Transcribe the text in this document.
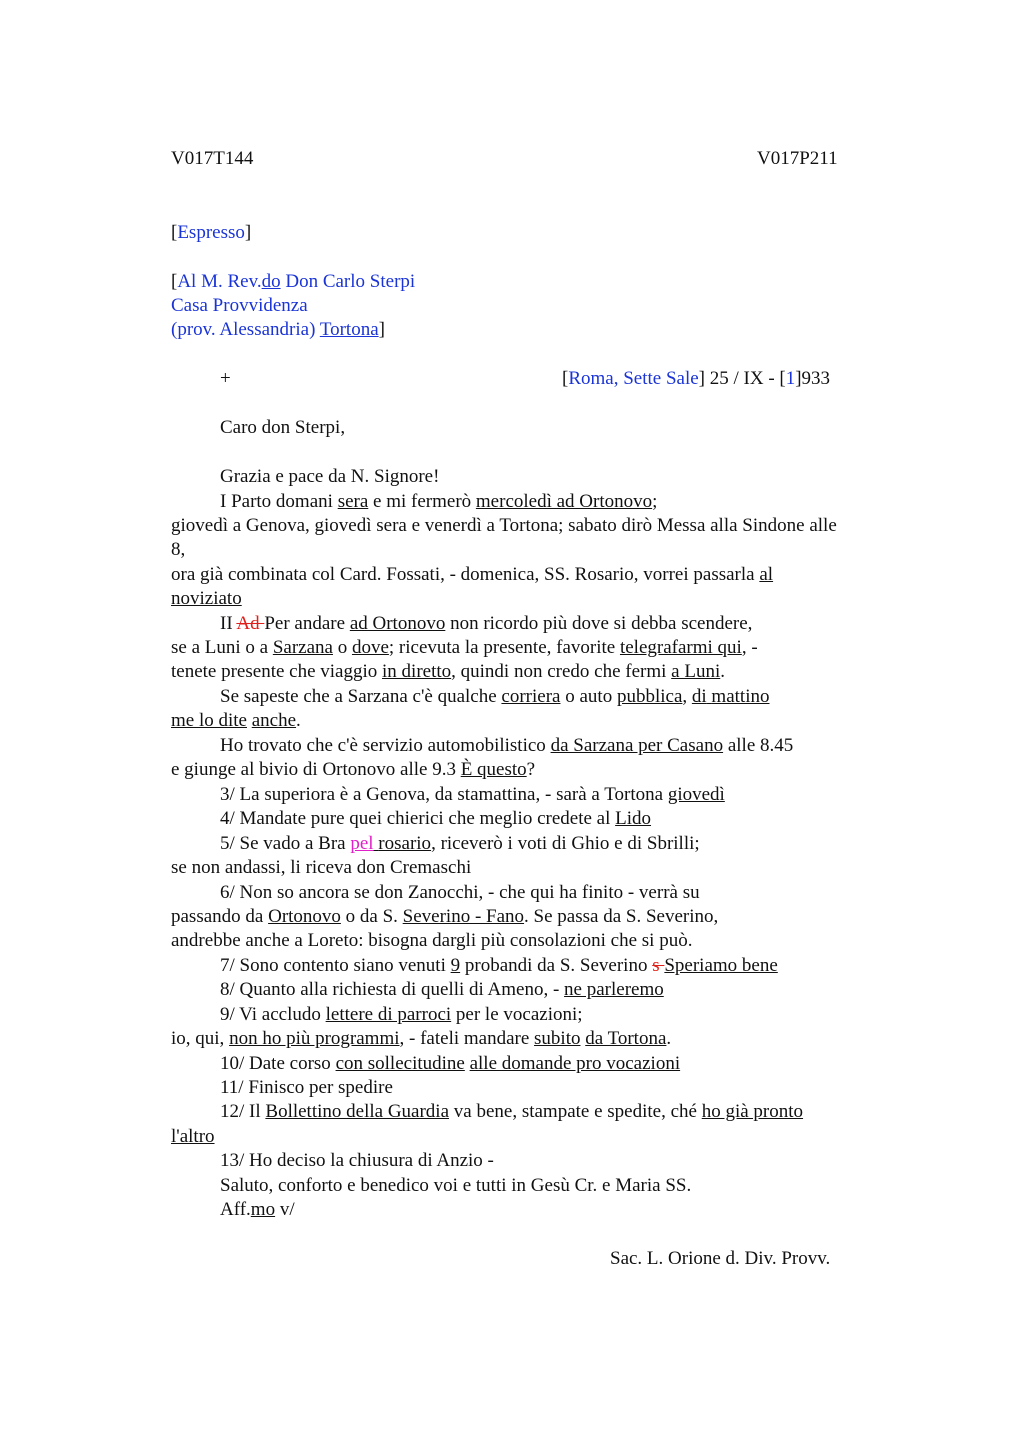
V017T144	V017P211
[Espresso]
[Al M. Rev.do Don Carlo Sterpi
Casa Provvidenza
(prov. Alessandria) Tortona]
+	[Roma, Sette Sale] 25 / IX - [1]933
Caro don Sterpi,
Grazia e pace da N. Signore!
I Parto domani sera e mi fermerò mercoledì ad Ortonovo;
giovedì a Genova, giovedì sera e venerdì a Tortona; sabato dirò Messa alla Sindone alle
8,
ora già combinata col Card. Fossati, - domenica, SS. Rosario, vorrei passarla al
noviziato
II Ad Per andare ad Ortonovo non ricordo più dove si debba scendere,
se a Luni o a Sarzana o dove; ricevuta la presente, favorite telegrafarmi qui, -
tenete presente che viaggio in diretto, quindi non credo che fermi a Luni.
Se sapeste che a Sarzana c'è qualche corriera o auto pubblica, di mattino
me lo dite anche.
Ho trovato che c'è servizio automobilistico da Sarzana per Casano alle 8.45
e giunge al bivio di Ortonovo alle 9.3 È questo?
3/ La superiora è a Genova, da stamattina, - sarà a Tortona giovedì
4/ Mandate pure quei chierici che meglio credete al Lido
5/ Se vado a Bra pel rosario, riceverò i voti di Ghio e di Sbrilli;
se non andassi, li riceva don Cremaschi
6/ Non so ancora se don Zanocchi, - che qui ha finito - verrà su
passando da Ortonovo o da S. Severino - Fano. Se passa da S. Severino,
andrebbe anche a Loreto: bisogna dargli più consolazioni che si può.
7/ Sono contento siano venuti 9 probandi da S. Severino s Speriamo bene
8/ Quanto alla richiesta di quelli di Ameno, - ne parleremo
9/ Vi accludo lettere di parroci per le vocazioni;
io, qui, non ho più programmi, - fateli mandare subito da Tortona.
10/ Date corso con sollecitudine alle domande pro vocazioni
11/ Finisco per spedire
12/ Il Bollettino della Guardia va bene, stampate e spedite, ché ho già pronto
l'altro
13/ Ho deciso la chiusura di Anzio -
Saluto, conforto e benedico voi e tutti in Gesù Cr. e Maria SS.
Aff.mo v/
Sac. L. Orione d. Div. Provv.
